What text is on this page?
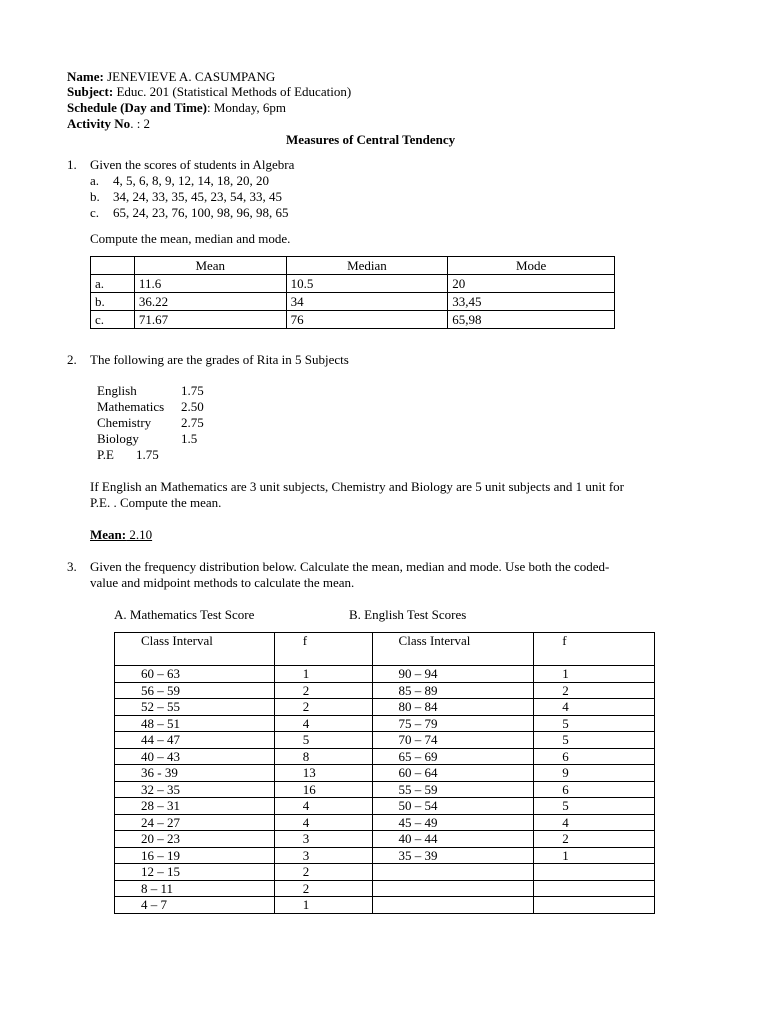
Name: JENEVIEVE A. CASUMPANG
Subject: Educ. 201 (Statistical Methods of Education)
Schedule (Day and Time): Monday, 6pm
Activity No. : 2
Measures of Central Tendency
1. Given the scores of students in Algebra
a. 4, 5, 6, 8, 9, 12, 14, 18, 20, 20
b. 34, 24, 33, 35, 45, 23, 54, 33, 45
c. 65, 24, 23, 76, 100, 98, 96, 98, 65
Compute the mean, median and mode.
	Mean	Median	Mode
a.	11.6	10.5	20
b.	36.22	34	33,45
c.	71.67	76	65,98
2. The following are the grades of Rita in 5 Subjects
English	1.75
Mathematics 2.50
Chemistry 2.75
Biology	1.5
P.E 1.75
If English an Mathematics are 3 unit subjects, Chemistry and Biology are 5 unit subjects and 1 unit for
P.E. . Compute the mean.
Mean: 2.10
3. Given the frequency distribution below. Calculate the mean, median and mode. Use both the coded-
value and midpoint methods to calculate the mean.
A. Mathematics Test Score	B. English Test Scores
Class Interval	f	Class Interval	f
60 – 63	1	90 – 94	1
56 – 59	2	85 – 89	2
52 – 55	2	80 – 84	4
48 – 51	4	75 – 79	5
44 – 47	5	70 – 74	5
40 – 43	8	65 – 69	6
36 - 39	13	60 – 64	9
32 – 35	16	55 – 59	6
28 – 31	4	50 – 54	5
24 – 27	4	45 – 49	4
20 – 23	3	40 – 44	2
16 – 19	3	35 – 39	1
12 – 15	2		
8 – 11	2		
4 – 7	1		
